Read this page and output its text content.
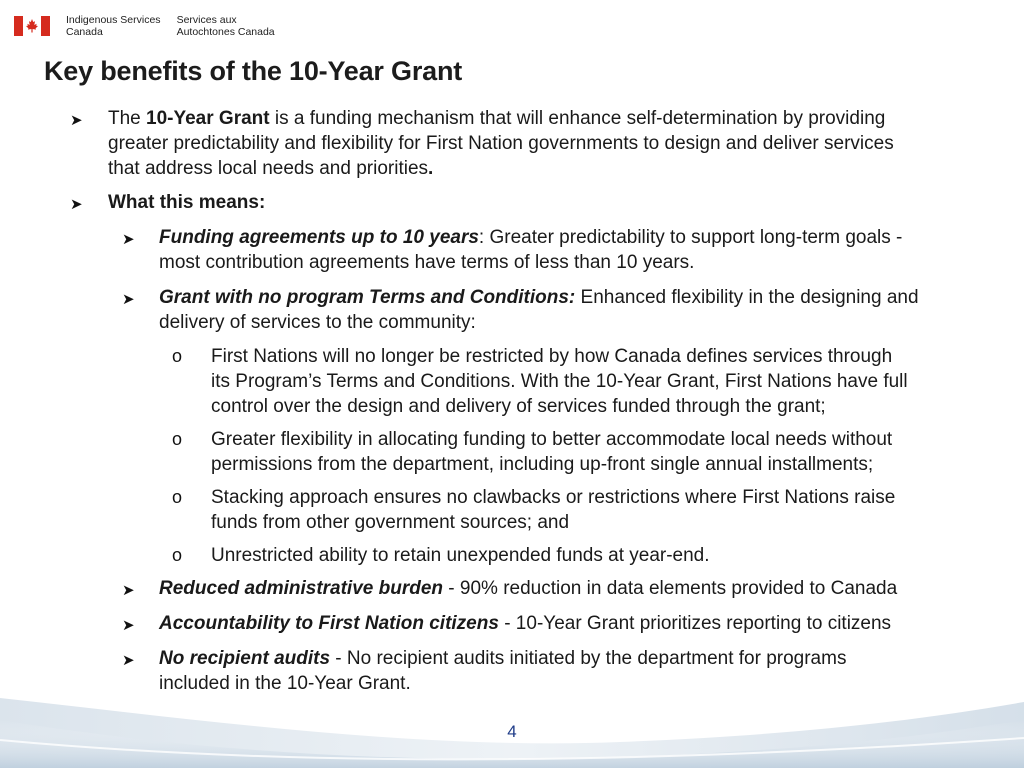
Indigenous Services
Canada
Services aux
Autochtones Canada
Key benefits of the 10-Year Grant
➤ The 10-Year Grant is a funding mechanism that will enhance self-determination by providing
greater predictability and flexibility for First Nation governments to design and deliver services
that address local needs and priorities.
➤ What this means:
➤ Funding agreements up to 10 years: Greater predictability to support long-term goals -
most contribution agreements have terms of less than 10 years.
➤ Grant with no program Terms and Conditions: Enhanced flexibility in the designing and
delivery of services to the community:
o First Nations will no longer be restricted by how Canada defines services through
its Program’s Terms and Conditions. With the 10-Year Grant, First Nations have full
control over the design and delivery of services funded through the grant;
o Greater flexibility in allocating funding to better accommodate local needs without
permissions from the department, including up-front single annual installments;
o Stacking approach ensures no clawbacks or restrictions where First Nations raise
funds from other government sources; and
o Unrestricted ability to retain unexpended funds at year-end.
➤ Reduced administrative burden - 90% reduction in data elements provided to Canada
➤ Accountability to First Nation citizens - 10-Year Grant prioritizes reporting to citizens
➤ No recipient audits - No recipient audits initiated by the department for programs
included in the 10-Year Grant.
4
